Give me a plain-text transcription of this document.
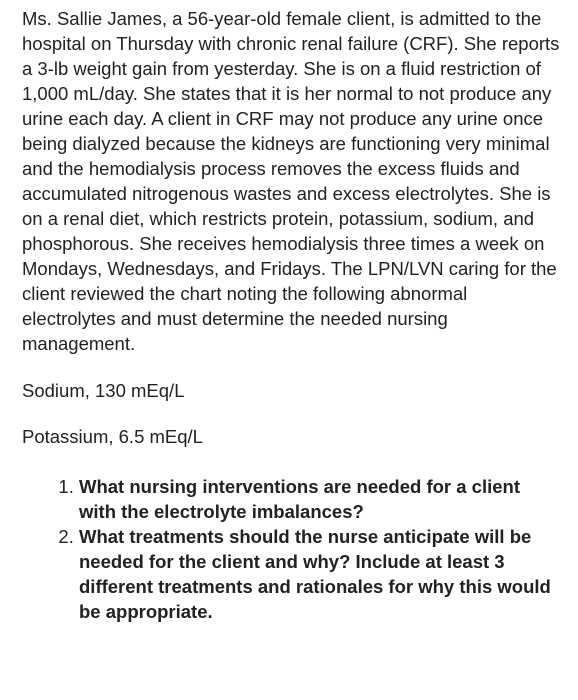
Ms. Sallie James, a 56-year-old female client, is admitted to the hospital on Thursday with chronic renal failure (CRF). She reports a 3-lb weight gain from yesterday. She is on a fluid restriction of 1,000 mL/day. She states that it is her normal to not produce any urine each day. A client in CRF may not produce any urine once being dialyzed because the kidneys are functioning very minimal and the hemodialysis process removes the excess fluids and accumulated nitrogenous wastes and excess electrolytes. She is on a renal diet, which restricts protein, potassium, sodium, and phosphorous. She receives hemodialysis three times a week on Mondays, Wednesdays, and Fridays. The LPN/LVN caring for the client reviewed the chart noting the following abnormal electrolytes and must determine the needed nursing management.

Sodium, 130 mEq/L

Potassium, 6.5 mEq/L

1. What nursing interventions are needed for a client with the electrolyte imbalances?
2. What treatments should the nurse anticipate will be needed for the client and why? Include at least 3 different treatments and rationales for why this would be appropriate.
